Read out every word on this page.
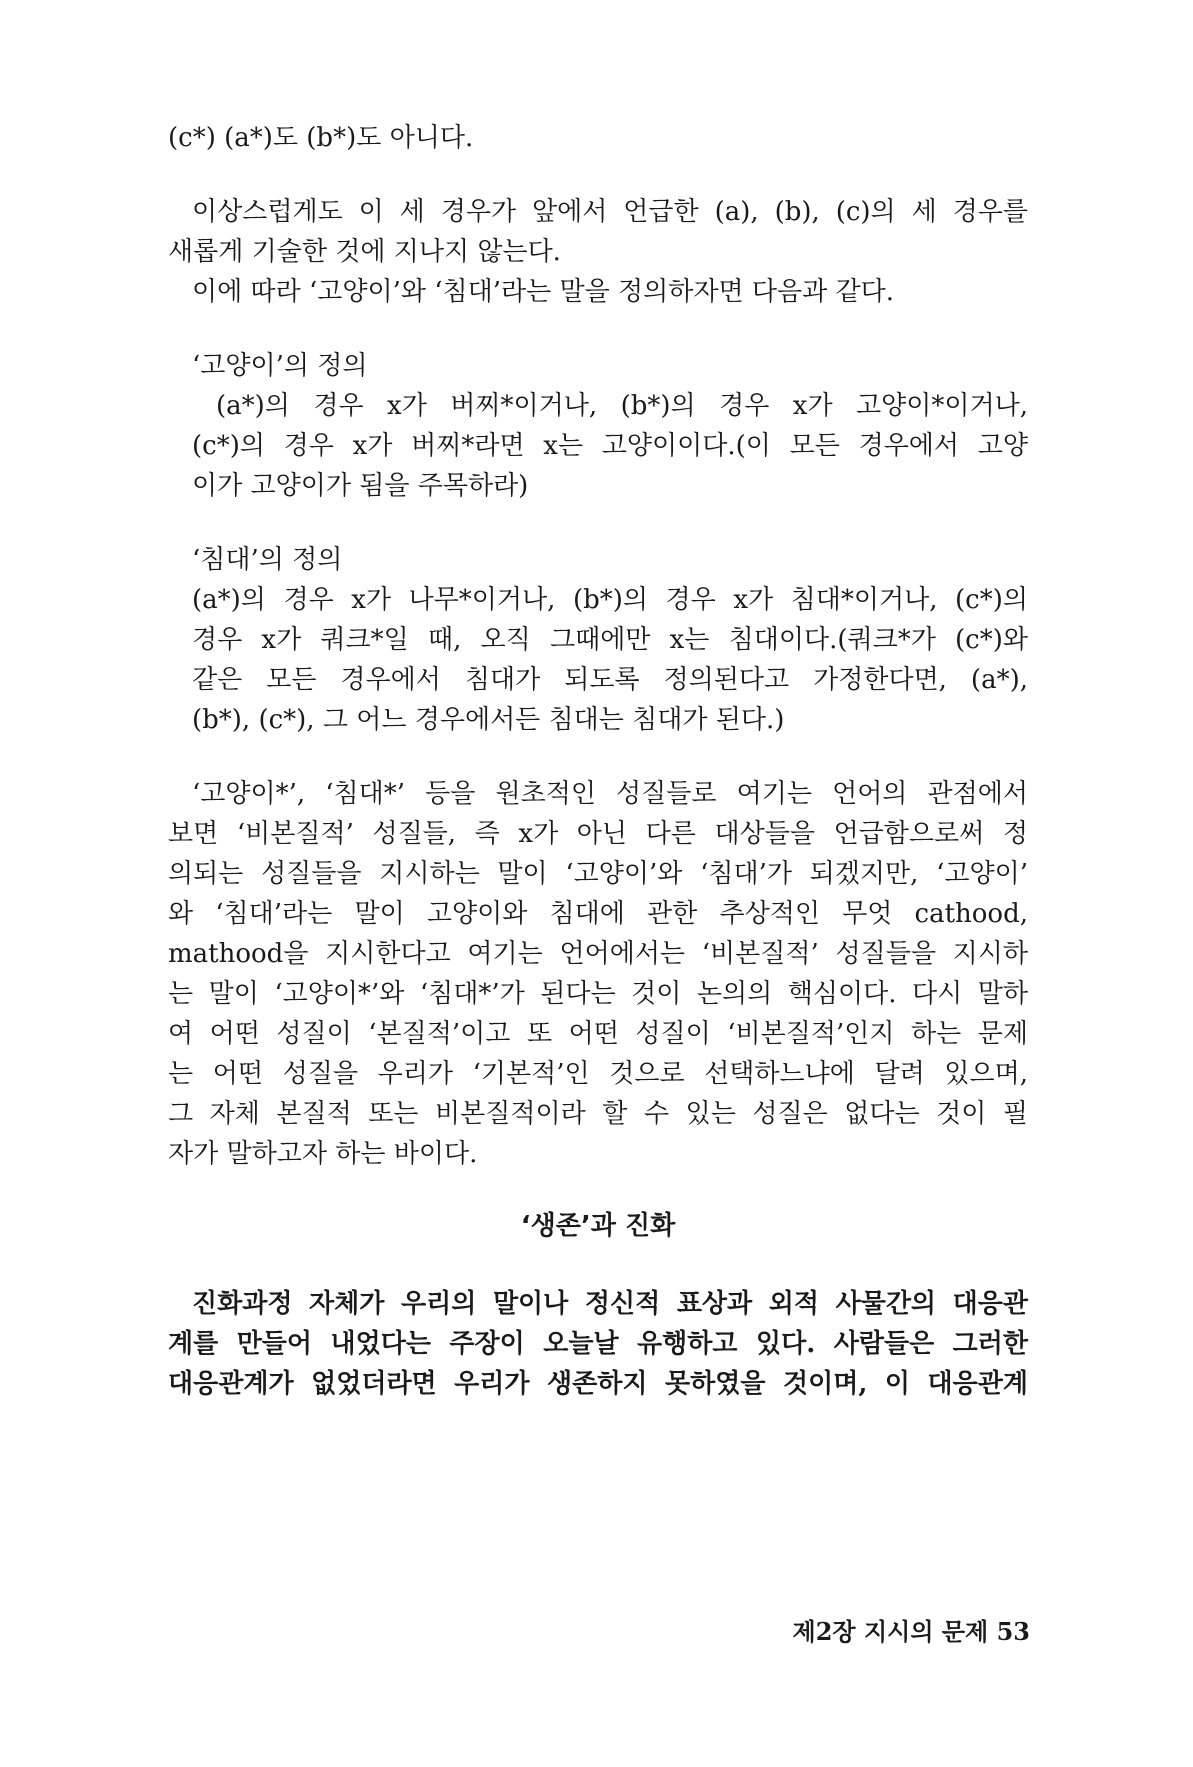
(c*) (a*)도 (b*)도 아니다.
이상스럽게도 이 세 경우가 앞에서 언급한 (a), (b), (c)의 세 경우를
새롭게 기술한 것에 지나지 않는다.
이에 따라 ‘고양이’와 ‘침대’라는 말을 정의하자면 다음과 같다.
‘고양이’의 정의
(a*)의 경우 x가 버찌*이거나, (b*)의 경우 x가 고양이*이거나,
(c*)의 경우 x가 버찌*라면 x는 고양이이다.(이 모든 경우에서 고양
이가 고양이가 됨을 주목하라)
‘침대’의 정의
(a*)의 경우 x가 나무*이거나, (b*)의 경우 x가 침대*이거나, (c*)의
경우 x가 쿼크*일 때, 오직 그때에만 x는 침대이다.(쿼크*가 (c*)와
같은 모든 경우에서 침대가 되도록 정의된다고 가정한다면, (a*),
(b*), (c*), 그 어느 경우에서든 침대는 침대가 된다.)
‘고양이*’, ‘침대*’ 등을 원초적인 성질들로 여기는 언어의 관점에서
보면 ‘비본질적’ 성질들, 즉 x가 아닌 다른 대상들을 언급함으로써 정
의되는 성질들을 지시하는 말이 ‘고양이’와 ‘침대’가 되겠지만, ‘고양이’
와 ‘침대’라는 말이 고양이와 침대에 관한 추상적인 무엇 cathood,
mathood을 지시한다고 여기는 언어에서는 ‘비본질적’ 성질들을 지시하
는 말이 ‘고양이*’와 ‘침대*’가 된다는 것이 논의의 핵심이다. 다시 말하
여 어떤 성질이 ‘본질적’이고 또 어떤 성질이 ‘비본질적’인지 하는 문제
는 어떤 성질을 우리가 ‘기본적’인 것으로 선택하느냐에 달려 있으며,
그 자체 본질적 또는 비본질적이라 할 수 있는 성질은 없다는 것이 필
자가 말하고자 하는 바이다.
‘생존’과 진화
진화과정 자체가 우리의 말이나 정신적 표상과 외적 사물간의 대응관
계를 만들어 내었다는 주장이 오늘날 유행하고 있다. 사람들은 그러한
대응관계가 없었더라면 우리가 생존하지 못하였을 것이며, 이 대응관계
제2장 지시의 문제 53
